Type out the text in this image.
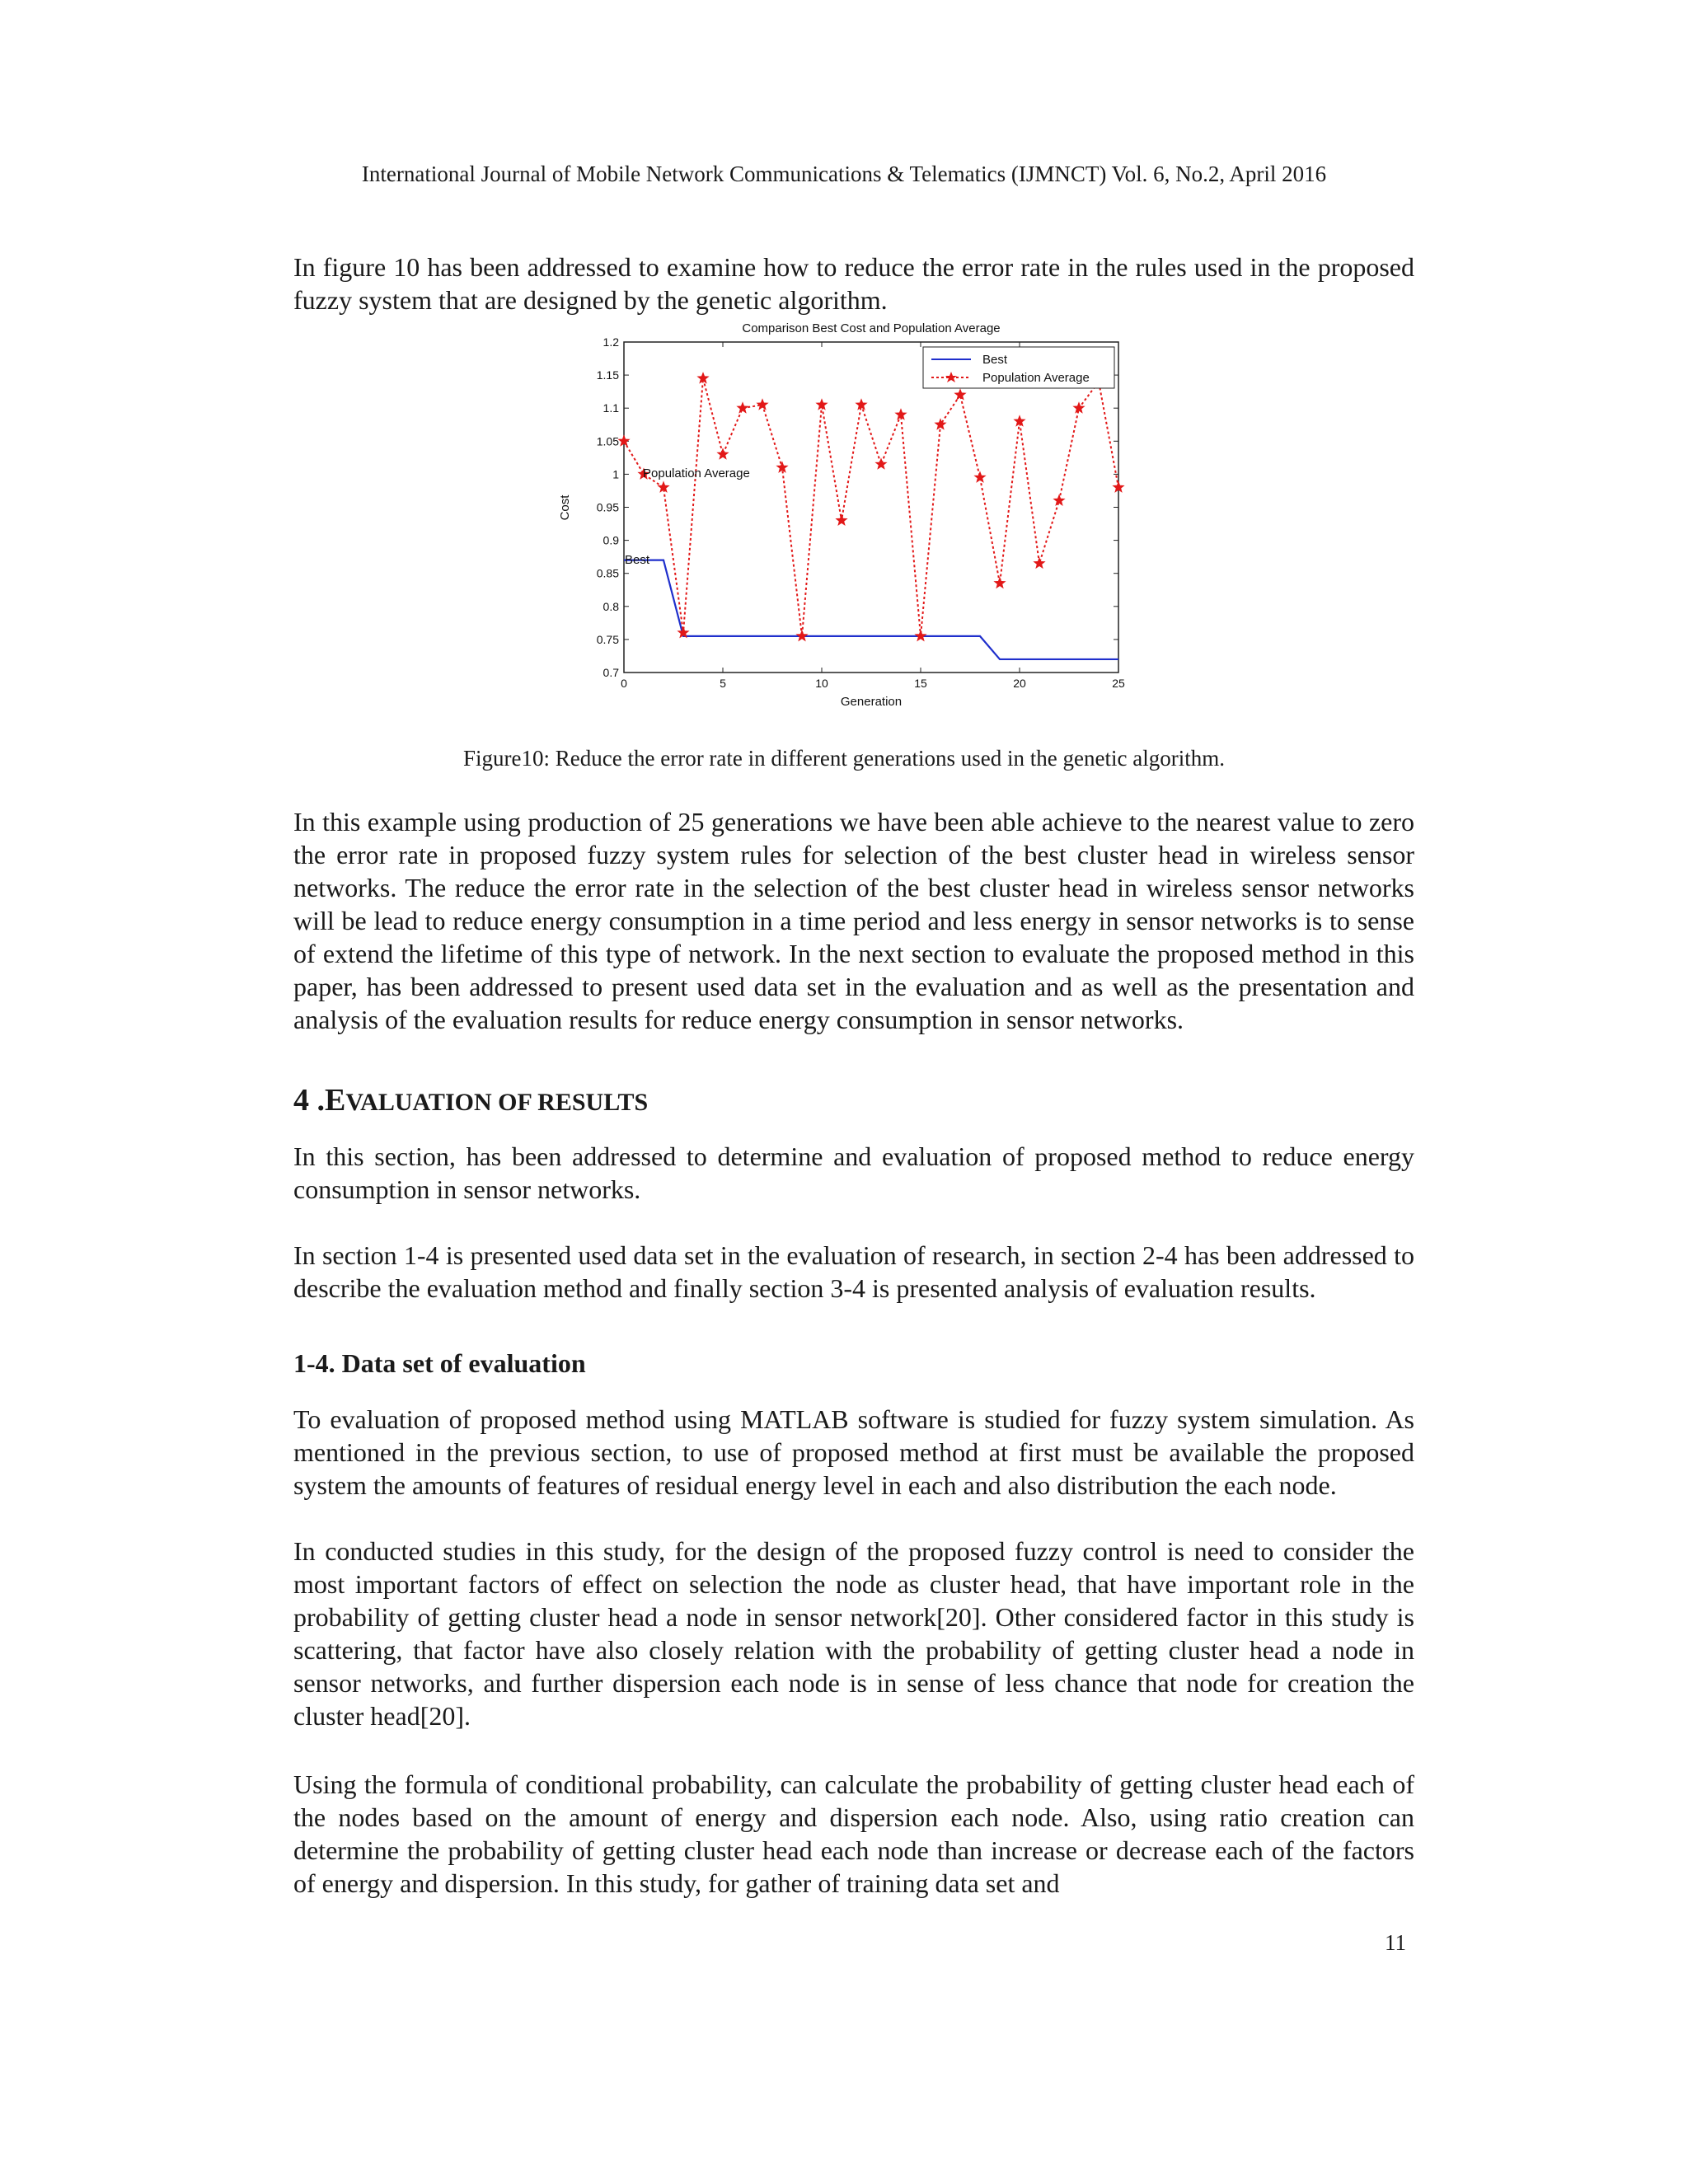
International Journal of Mobile Network Communications & Telematics (IJMNCT) Vol. 6, No.2, April 2016
In figure 10 has been addressed to examine how to reduce the error rate in the rules used in the proposed fuzzy system that are designed by the genetic algorithm.
Comparison Best Cost and Population Average
0.7
0.75
0.8
0.85
0.9
0.95
1
1.05
1.1
1.15
1.2
0	5	10	15	20	25
Cost
Generation
Population Average
Best
Best
Population Average
Figure10: Reduce the error rate in different generations used in the genetic algorithm.
In this example using production of 25 generations we have been able achieve to the nearest value to zero the error rate in proposed fuzzy system rules for selection of the best cluster head in wireless sensor networks. The reduce the error rate in the selection of the best cluster head in wireless sensor networks will be lead to reduce energy consumption in a time period and less energy in sensor networks is to sense of extend the lifetime of this type of network. In the next section to evaluate the proposed method in this paper, has been addressed to present used data set in the evaluation and as well as the presentation and analysis of the evaluation results for reduce energy consumption in sensor networks.
4 .EVALUATION OF RESULTS
In this section, has been addressed to determine and evaluation of proposed method to reduce energy consumption in sensor networks.
In section 1-4 is presented used data set in the evaluation of research, in section 2-4 has been addressed to describe the evaluation method and finally section 3-4 is presented analysis of evaluation results.
1-4. Data set of evaluation
To evaluation of proposed method using MATLAB software is studied for fuzzy system simulation. As mentioned in the previous section, to use of proposed method at first must be available the proposed system the amounts of features of residual energy level in each and also distribution the each node.
In conducted studies in this study, for the design of the proposed fuzzy control is need to consider the most important factors of effect on selection the node as cluster head, that have important role in the probability of getting cluster head a node in sensor network[20]. Other considered factor in this study is scattering, that factor have also closely relation with the probability of getting cluster head a node in sensor networks, and further dispersion each node is in sense of less chance that node for creation the cluster head[20].
Using the formula of conditional probability, can calculate the probability of getting cluster head each of the nodes based on the amount of energy and dispersion each node. Also, using ratio creation can determine the probability of getting cluster head each node than increase or decrease each of the factors of energy and dispersion. In this study, for gather of training data set and
11
